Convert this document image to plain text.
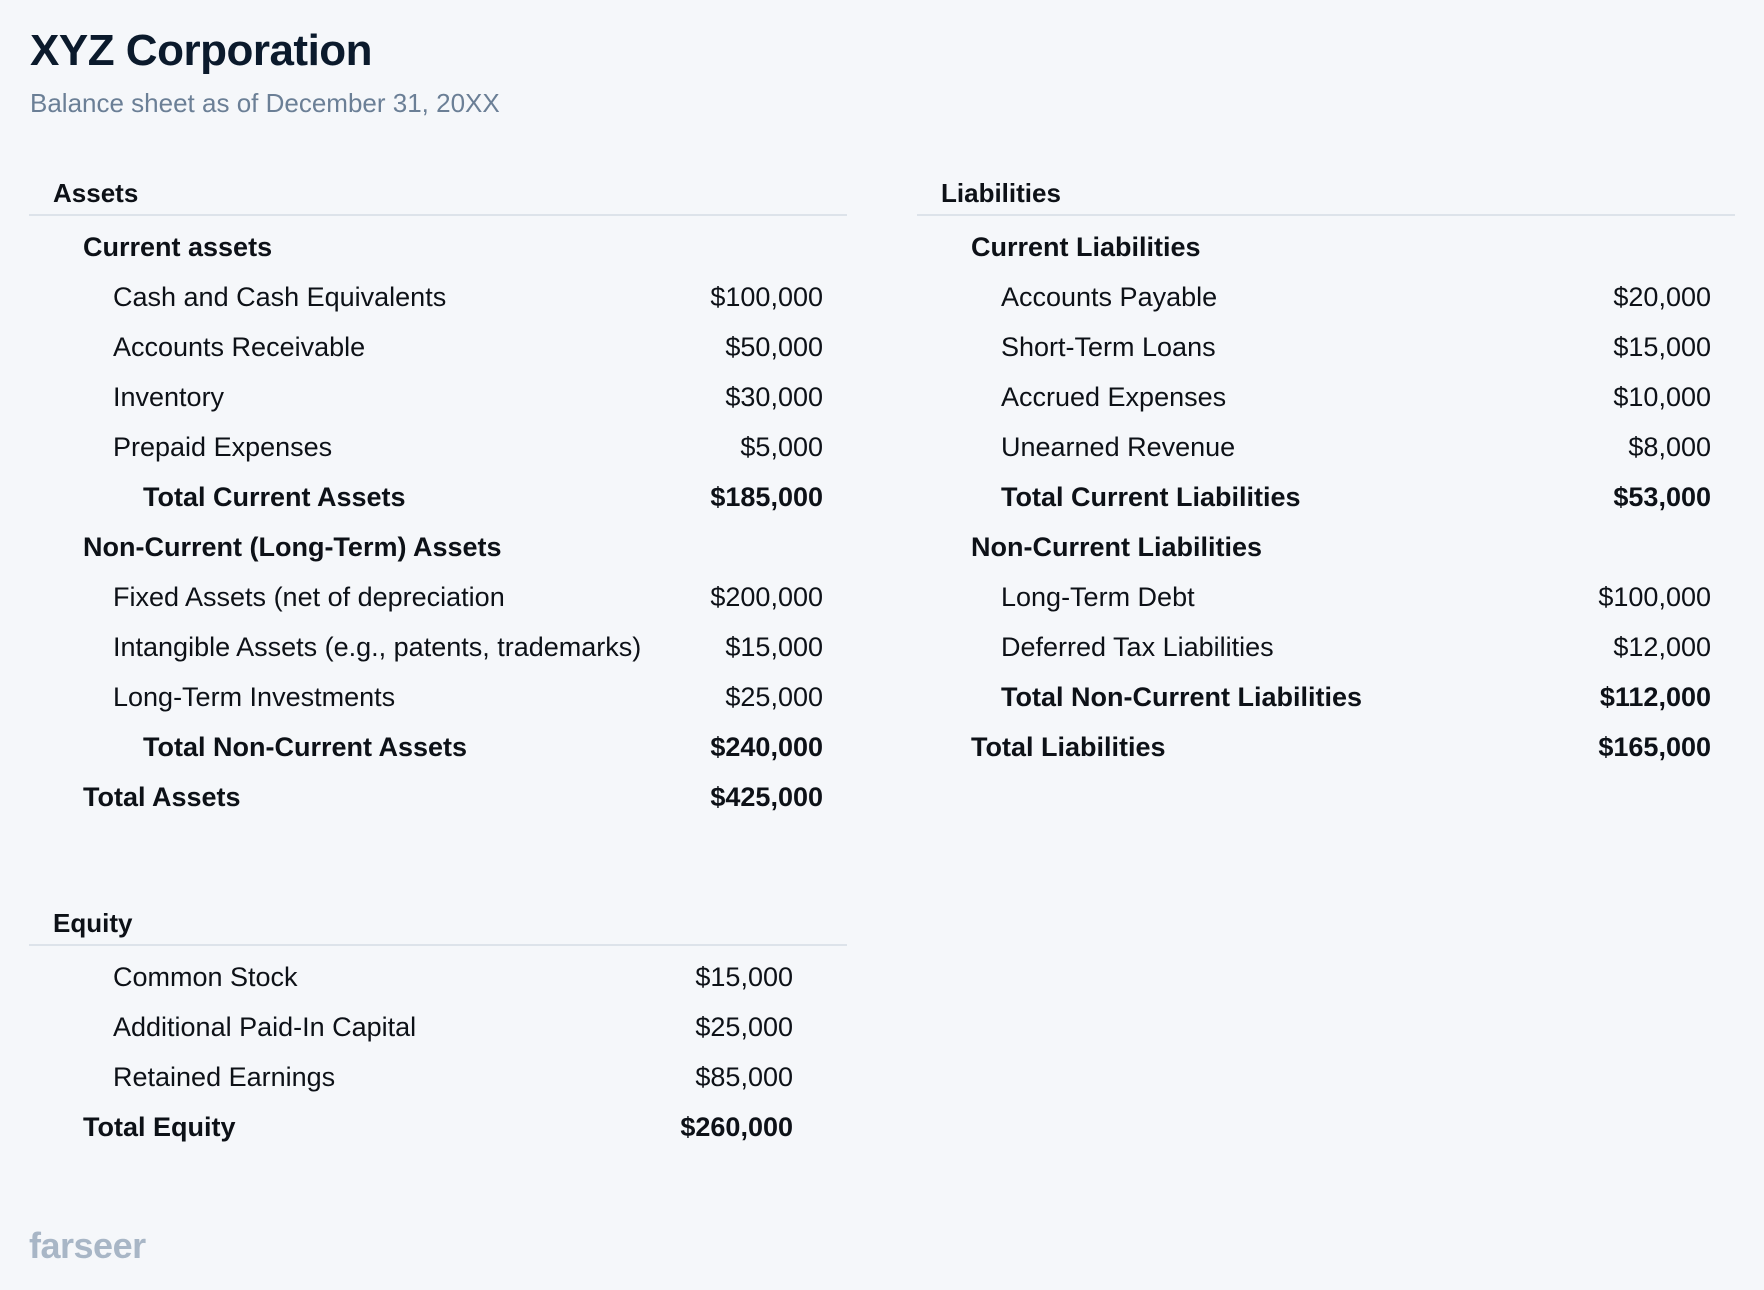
XYZ Corporation
Balance sheet as of December 31, 20XX
Assets
Current assets
Cash and Cash Equivalents	$100,000
Accounts Receivable	$50,000
Inventory	$30,000
Prepaid Expenses	$5,000
Total Current Assets	$185,000
Non-Current (Long-Term) Assets
Fixed Assets (net of depreciation	$200,000
Intangible Assets (e.g., patents, trademarks)	$15,000
Long-Term Investments	$25,000
Total Non-Current Assets	$240,000
Total Assets	$425,000
Liabilities
Current Liabilities
Accounts Payable	$20,000
Short-Term Loans	$15,000
Accrued Expenses	$10,000
Unearned Revenue	$8,000
Total Current Liabilities	$53,000
Non-Current Liabilities
Long-Term Debt	$100,000
Deferred Tax Liabilities	$12,000
Total Non-Current Liabilities	$112,000
Total Liabilities	$165,000
Equity
Common Stock	$15,000
Additional Paid-In Capital	$25,000
Retained Earnings	$85,000
Total Equity	$260,000
farseer
